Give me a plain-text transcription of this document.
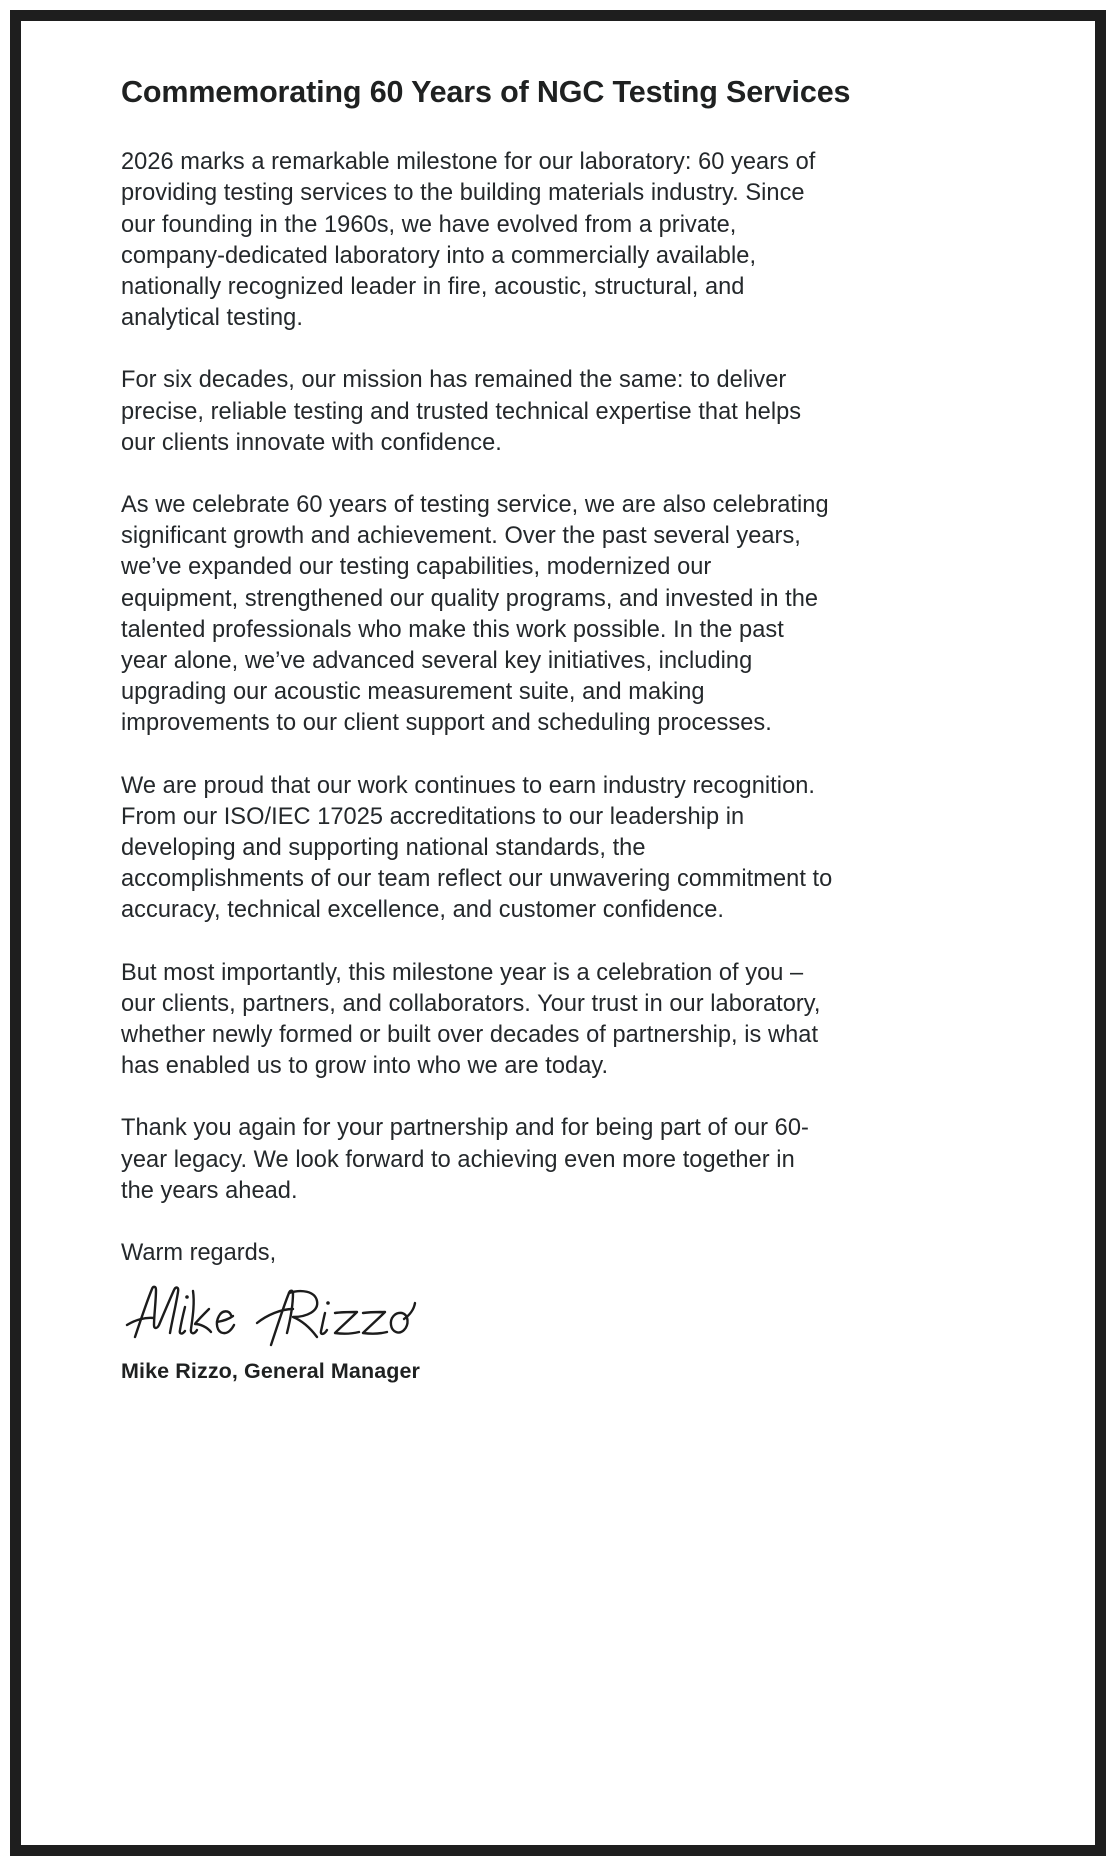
Commemorating 60 Years of NGC Testing Services

2026 marks a remarkable milestone for our laboratory: 60 years of providing testing services to the building materials industry. Since our founding in the 1960s, we have evolved from a private, company-dedicated laboratory into a commercially available, nationally recognized leader in fire, acoustic, structural, and analytical testing.

For six decades, our mission has remained the same: to deliver precise, reliable testing and trusted technical expertise that helps our clients innovate with confidence.

As we celebrate 60 years of testing service, we are also celebrating significant growth and achievement. Over the past several years, we’ve expanded our testing capabilities, modernized our equipment, strengthened our quality programs, and invested in the talented professionals who make this work possible. In the past year alone, we’ve advanced several key initiatives, including upgrading our acoustic measurement suite, and making improvements to our client support and scheduling processes.

We are proud that our work continues to earn industry recognition. From our ISO/IEC 17025 accreditations to our leadership in developing and supporting national standards, the accomplishments of our team reflect our unwavering commitment to accuracy, technical excellence, and customer confidence.

But most importantly, this milestone year is a celebration of you – our clients, partners, and collaborators. Your trust in our laboratory, whether newly formed or built over decades of partnership, is what has enabled us to grow into who we are today.

Thank you again for your partnership and for being part of our 60-year legacy. We look forward to achieving even more together in the years ahead.

Warm regards,

Mike Rizzo, General Manager
